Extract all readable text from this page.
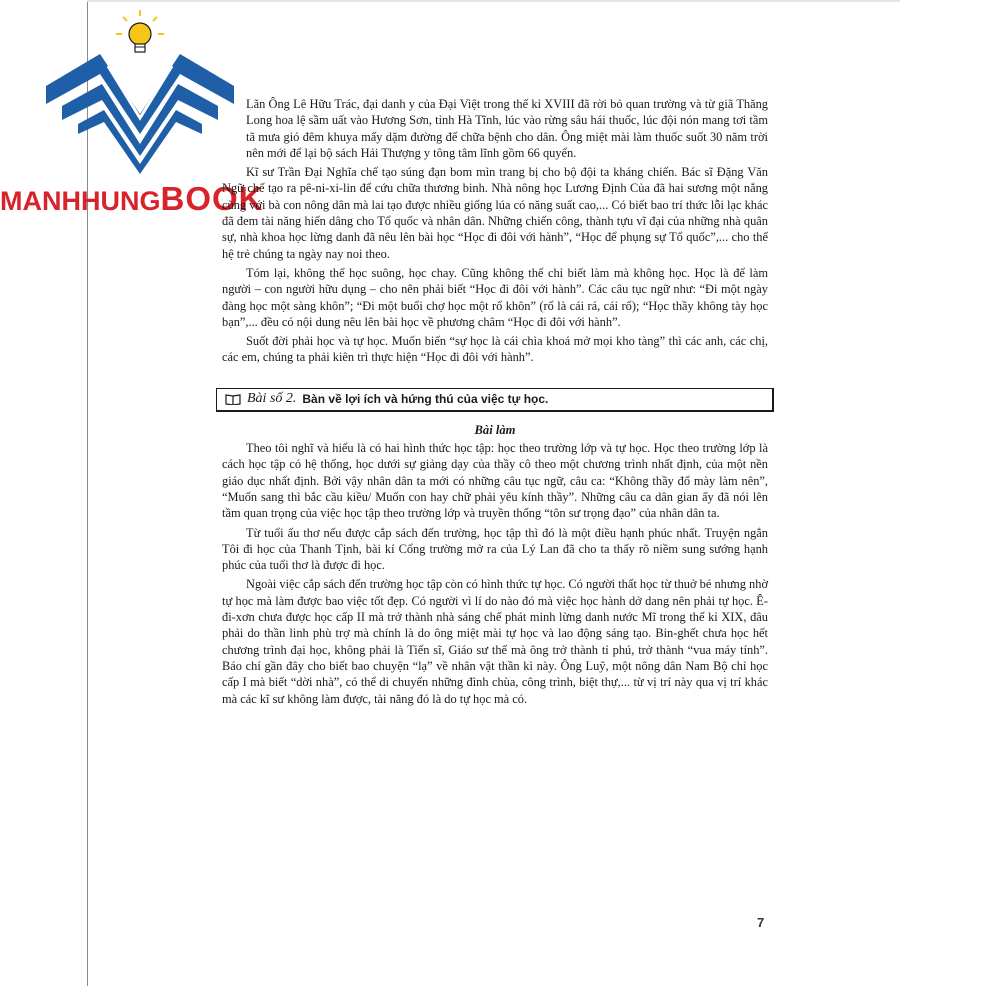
MANHHUNGBOOK

Lãn Ông Lê Hữu Trác, đại danh y của Đại Việt trong thế kỉ XVIII đã rời bỏ quan trường và từ giã Thăng Long hoa lệ sầm uất vào Hương Sơn, tỉnh Hà Tĩnh, lúc vào rừng sâu hái thuốc, lúc đội nón mang tơi tầm tã mưa gió đêm khuya mấy dặm đường để chữa bệnh cho dân. Ông miệt mài làm thuốc suốt 30 năm trời nên mới để lại bộ sách Hải Thượng y tông tâm lĩnh gồm 66 quyển.

Kĩ sư Trần Đại Nghĩa chế tạo súng đạn bom mìn trang bị cho bộ đội ta kháng chiến. Bác sĩ Đặng Văn Ngữ chế tạo ra pê-ni-xi-lin để cứu chữa thương binh. Nhà nông học Lương Định Của đã hai sương một nắng cùng với bà con nông dân mà lai tạo được nhiều giống lúa có năng suất cao,... Có biết bao trí thức lỗi lạc khác đã đem tài năng hiến dâng cho Tổ quốc và nhân dân. Những chiến công, thành tựu vĩ đại của những nhà quân sự, nhà khoa học lừng danh đã nêu lên bài học “Học đi đôi với hành”, “Học để phụng sự Tổ quốc”,... cho thế hệ trẻ chúng ta ngày nay noi theo.

Tóm lại, không thể học suông, học chay. Cũng không thể chỉ biết làm mà không học. Học là để làm người – con người hữu dụng – cho nên phải biết “Học đi đôi với hành”. Các câu tục ngữ như: “Đi một ngày đàng học một sàng khôn”; “Đi một buổi chợ học một rổ khôn” (rổ là cái rá, cái rổ); “Học thầy không tày học bạn”,... đều có nội dung nêu lên bài học về phương châm “Học đi đôi với hành”.

Suốt đời phải học và tự học. Muốn biến “sự học là cái chìa khoá mở mọi kho tàng” thì các anh, các chị, các em, chúng ta phải kiên trì thực hiện “Học đi đôi với hành”.

Bài số 2. Bàn về lợi ích và hứng thú của việc tự học.

Bài làm

Theo tôi nghĩ và hiểu là có hai hình thức học tập: học theo trường lớp và tự học. Học theo trường lớp là cách học tập có hệ thống, học dưới sự giảng dạy của thầy cô theo một chương trình nhất định, của một nền giáo dục nhất định. Bởi vậy nhân dân ta mới có những câu tục ngữ, câu ca: “Không thầy đố mày làm nên”, “Muốn sang thì bắc cầu kiều/ Muốn con hay chữ phải yêu kính thầy”. Những câu ca dân gian ấy đã nói lên tầm quan trọng của việc học tập theo trường lớp và truyền thống “tôn sư trọng đạo” của nhân dân ta.

Từ tuổi ấu thơ nếu được cắp sách đến trường, học tập thì đó là một điều hạnh phúc nhất. Truyện ngắn Tôi đi học của Thanh Tịnh, bài kí Cổng trường mở ra của Lý Lan đã cho ta thấy rõ niềm sung sướng hạnh phúc của tuổi thơ là được đi học.

Ngoài việc cắp sách đến trường học tập còn có hình thức tự học. Có người thất học từ thuở bé nhưng nhờ tự học mà làm được bao việc tốt đẹp. Có người vì lí do nào đó mà việc học hành dở dang nên phải tự học. Ê-đi-xơn chưa được học cấp II mà trở thành nhà sáng chế phát minh lừng danh nước Mĩ trong thế kỉ XIX, đâu phải do thần linh phù trợ mà chính là do ông miệt mài tự học và lao động sáng tạo. Bin-ghết chưa học hết chương trình đại học, không phải là Tiến sĩ, Giáo sư thế mà ông trở thành tỉ phú, trở thành “vua máy tính”. Báo chí gần đây cho biết bao chuyện “lạ” về nhân vật thần kì này. Ông Luỹ, một nông dân Nam Bộ chỉ học cấp I mà biết “dời nhà”, có thể di chuyển những đình chùa, công trình, biệt thự,... từ vị trí này qua vị trí khác mà các kĩ sư không làm được, tài năng đó là do tự học mà có.

7
